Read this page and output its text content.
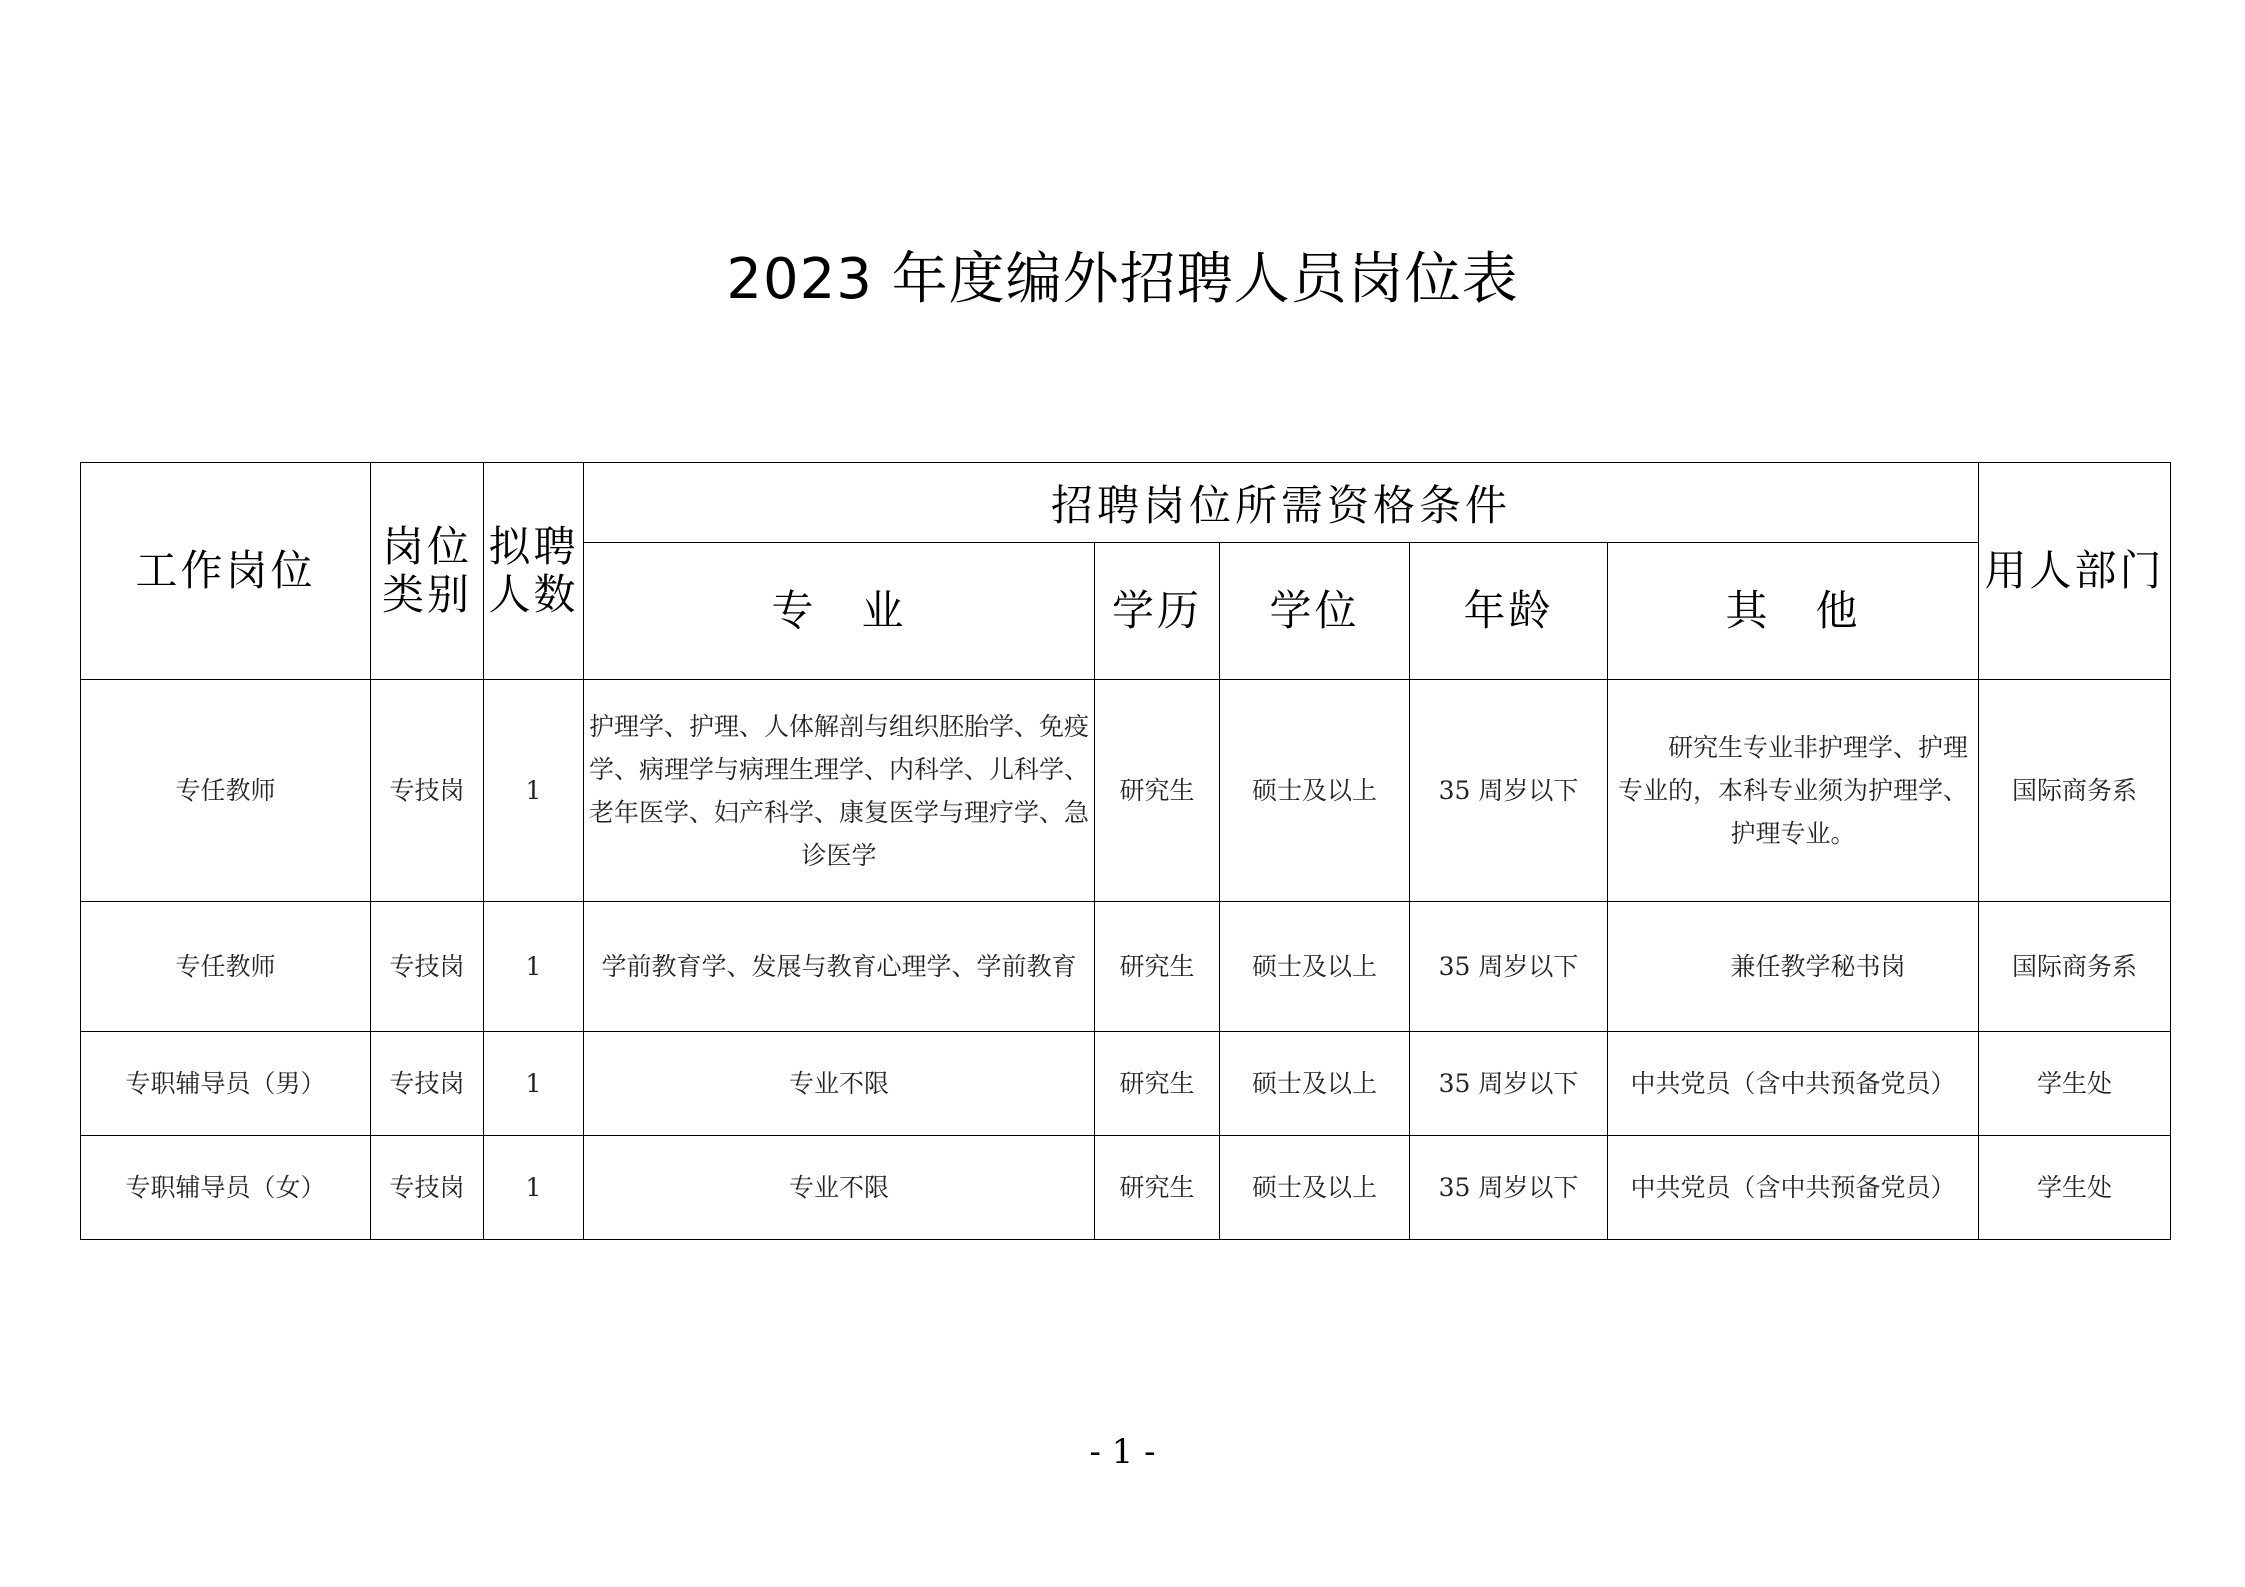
2023 年度编外招聘人员岗位表
工作岗位	岗位类别	拟聘人数	招聘岗位所需资格条件					用人部门
			专　业	学历	学位	年龄	其　他	
专任教师	专技岗	1	护理学、护理、人体解剖与组织胚胎学、免疫学、病理学与病理生理学、内科学、儿科学、老年医学、妇产科学、康复医学与理疗学、急诊医学	研究生	硕士及以上	35 周岁以下	研究生专业非护理学、护理专业的，本科专业须为护理学、护理专业。	国际商务系
专任教师	专技岗	1	学前教育学、发展与教育心理学、学前教育	研究生	硕士及以上	35 周岁以下	兼任教学秘书岗	国际商务系
专职辅导员（男）	专技岗	1	专业不限	研究生	硕士及以上	35 周岁以下	中共党员（含中共预备党员）	学生处
专职辅导员（女）	专技岗	1	专业不限	研究生	硕士及以上	35 周岁以下	中共党员（含中共预备党员）	学生处
- 1 -
